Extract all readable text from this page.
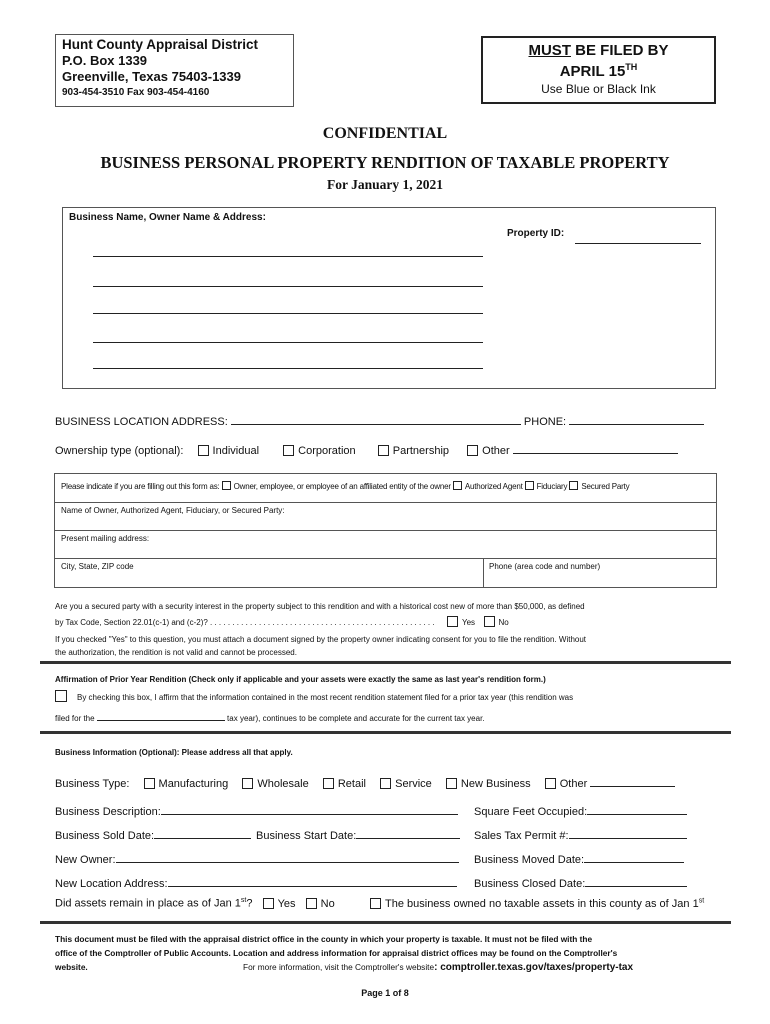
Hunt County Appraisal District
P.O. Box 1339
Greenville, Texas 75403-1339
903-454-3510 Fax 903-454-4160
MUST BE FILED BY
APRIL 15TH
Use Blue or Black Ink
CONFIDENTIAL
BUSINESS PERSONAL PROPERTY RENDITION OF TAXABLE PROPERTY
For January 1, 2021
Business Name, Owner Name & Address:
Property ID:
BUSINESS LOCATION ADDRESS:	PHONE:
Ownership type (optional):	Individual	Corporation	Partnership	Other
Please indicate if you are filling out this form as: Owner, employee, or employee of an affiliated entity of the owner Authorized Agent Fiduciary Secured Party
Name of Owner, Authorized Agent, Fiduciary, or Secured Party:
Present mailing address:
City, State, ZIP code	Phone (area code and number)
Are you a secured party with a security interest in the property subject to this rendition and with a historical cost new of more than $50,000, as defined
by Tax Code, Section 22.01(c-1) and (c-2)? . . . . . . . . . . . . . . . . . . . . . . . . . . . . . . . . . . . . . . . . . . . . . . . . . . .	Yes	No
If you checked "Yes" to this question, you must attach a document signed by the property owner indicating consent for you to file the rendition. Without
the authorization, the rendition is not valid and cannot be processed.
Affirmation of Prior Year Rendition (Check only if applicable and your assets were exactly the same as last year's rendition form.)
By checking this box, I affirm that the information contained in the most recent rendition statement filed for a prior tax year (this rendition was
filed for the	tax year), continues to be complete and accurate for the current tax year.
Business Information (Optional): Please address all that apply.
Business Type:	Manufacturing	Wholesale	Retail	Service	New Business	Other
Business Description:	Square Feet Occupied:
Business Sold Date:	Business Start Date:	Sales Tax Permit #:
New Owner:	Business Moved Date:
New Location Address:	Business Closed Date:
Did assets remain in place as of Jan 1st? Yes No	The business owned no taxable assets in this county as of Jan 1st
This document must be filed with the appraisal district office in the county in which your property is taxable. It must not be filed with the
office of the Comptroller of Public Accounts. Location and address information for appraisal district offices may be found on the Comptroller's
website.	For more information, visit the Comptroller's website: comptroller.texas.gov/taxes/property-tax
Page 1 of 8
